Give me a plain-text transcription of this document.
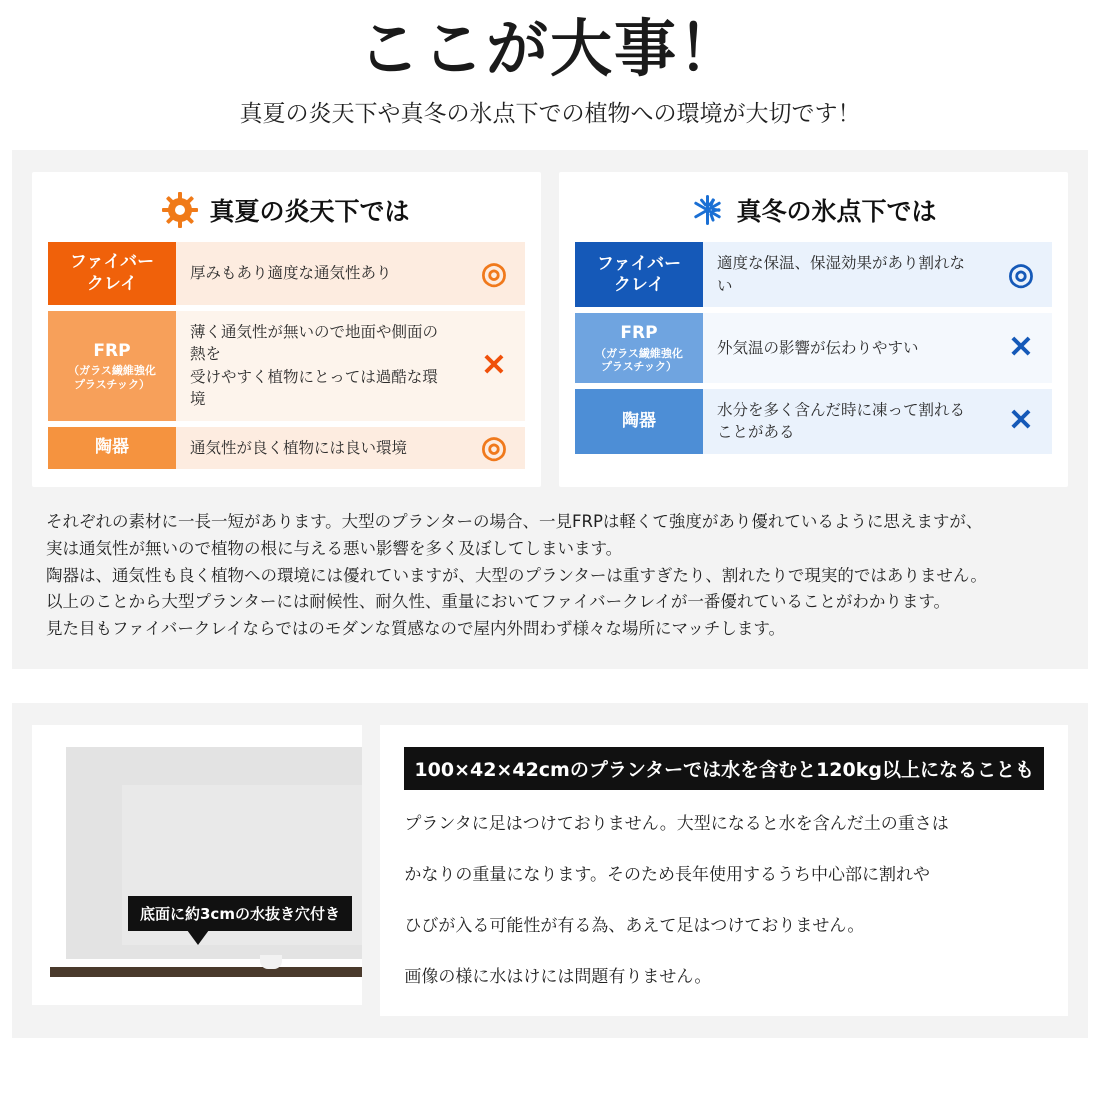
ここが大事！
真夏の炎天下や真冬の氷点下での植物への環境が大切です！
真夏の炎天下では
ファイバー
クレイ	厚みもあり適度な通気性あり	◎

FRP
（ガラス繊維強化
プラスチック）	薄く通気性が無いので地面や側面の熱を
受けやすく植物にとっては過酷な環境	✕

陶器	通気性が良く植物には良い環境	◎
真冬の氷点下では
ファイバー
クレイ	適度な保温、保湿効果があり割れない	◎

FRP
（ガラス繊維強化
プラスチック）	外気温の影響が伝わりやすい	✕

陶器	水分を多く含んだ時に凍って割れることがある	✕

それぞれの素材に一長一短があります。大型のプランターの場合、一見FRPは軽くて強度があり優れているように思えますが、

実は通気性が無いので植物の根に与える悪い影響を多く及ぼしてしまいます。

陶器は、通気性も良く植物への環境には優れていますが、大型のプランターは重すぎたり、割れたりで現実的ではありません。

以上のことから大型プランターには耐候性、耐久性、重量においてファイバークレイが一番優れていることがわかります。

見た目もファイバークレイならではのモダンな質感なので屋内外問わず様々な場所にマッチします。

底面に約3cmの水抜き穴付き
100×42×42cmのプランターでは水を含むと120kg以上になることも

プランタに足はつけておりません。大型になると水を含んだ土の重さは

かなりの重量になります。そのため長年使用するうち中心部に割れや

ひびが入る可能性が有る為、あえて足はつけておりません。

画像の様に水はけには問題有りません。
